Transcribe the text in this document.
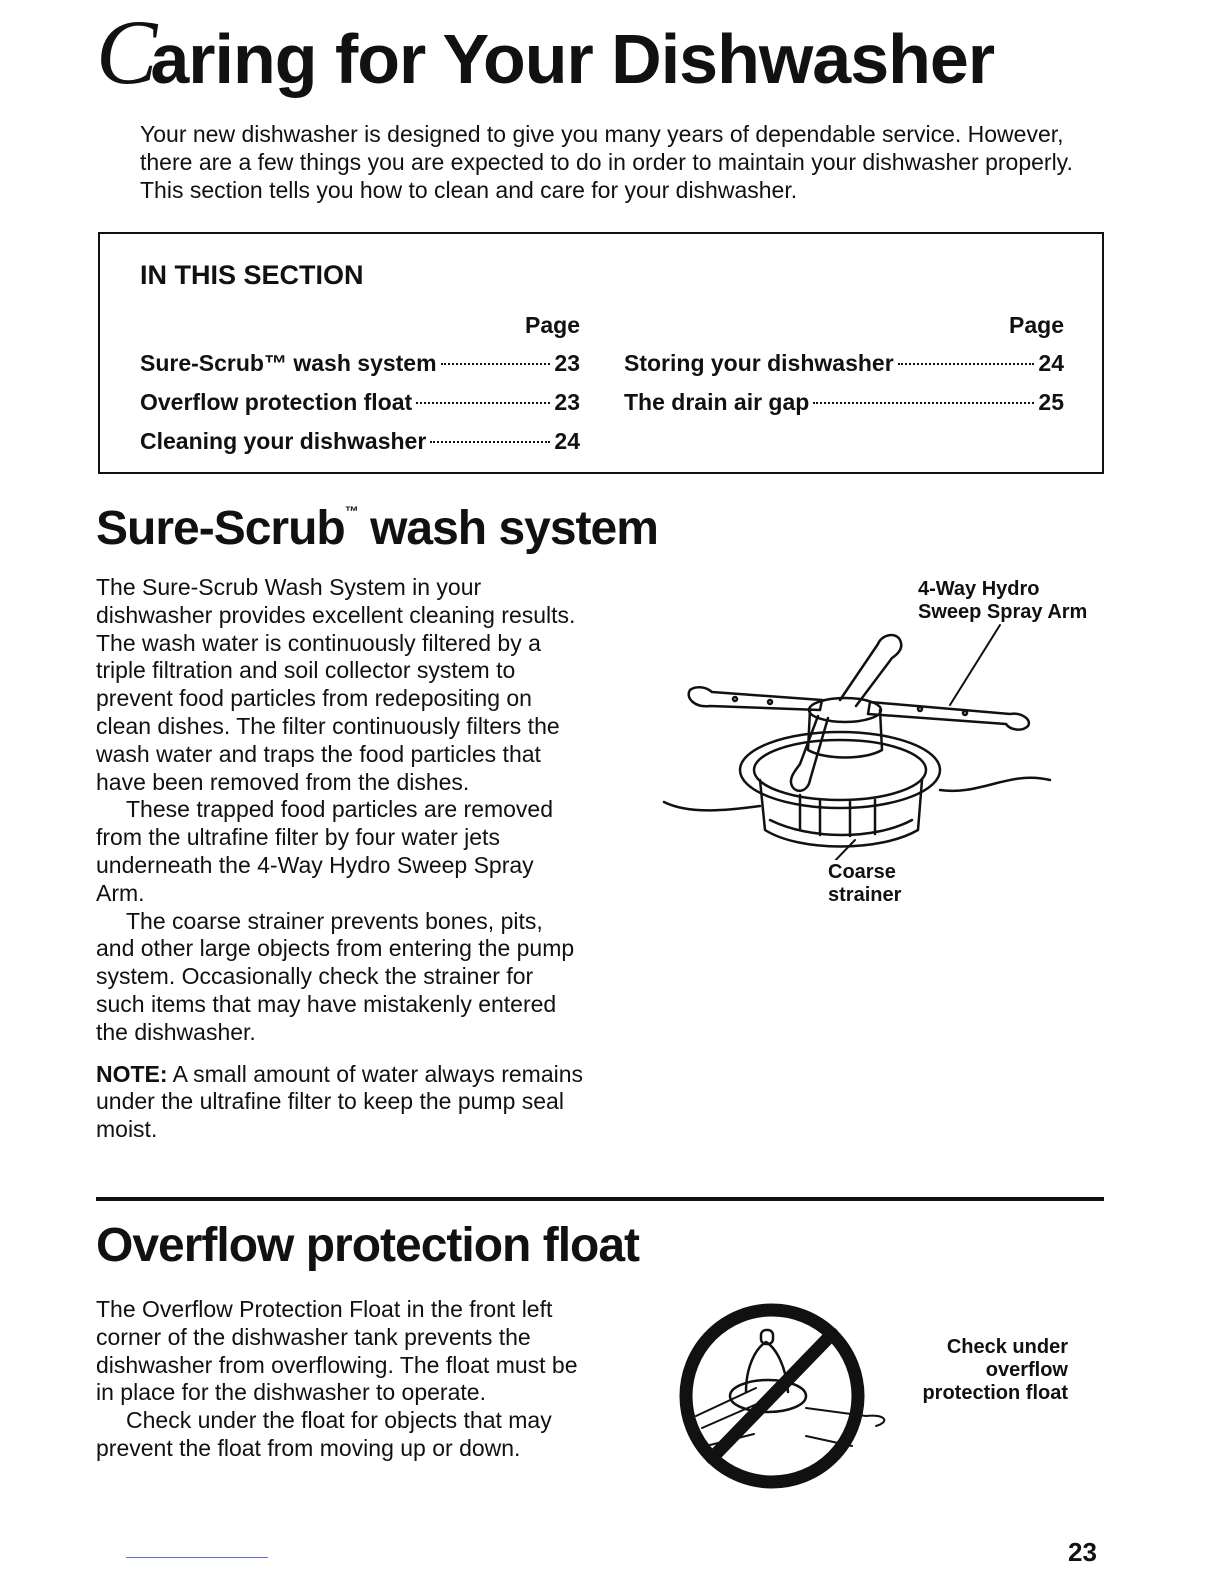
Caring for Your Dishwasher
Your new dishwasher is designed to give you many years of dependable service. However, there are a few things you are expected to do in order to maintain your dishwasher properly. This section tells you how to clean and care for your dishwasher.
IN THIS SECTION
Page
Sure-Scrub™ wash system	23
Overflow protection float	23
Cleaning your dishwasher	24
Page
Storing your dishwasher	24
The drain air gap	25
Sure-Scrub™ wash system

The Sure-Scrub Wash System in your dishwasher provides excellent cleaning results. The wash water is continuously filtered by a triple filtration and soil collector system to prevent food particles from redepositing on clean dishes. The filter continuously filters the wash water and traps the food particles that have been removed from the dishes.

These trapped food particles are removed from the ultrafine filter by four water jets underneath the 4-Way Hydro Sweep Spray Arm.

The coarse strainer prevents bones, pits, and other large objects from entering the pump system. Occasionally check the strainer for such items that may have mistakenly entered the dishwasher.

NOTE: A small amount of water always remains under the ultrafine filter to keep the pump seal moist.

4-Way Hydro
Sweep Spray Arm
Coarse
strainer
Overflow protection float

The Overflow Protection Float in the front left corner of the dishwasher tank prevents the dishwasher from overflowing. The float must be in place for the dishwasher to operate.

Check under the float for objects that may prevent the float from moving up or down.

Check under
overflow
protection float
23
